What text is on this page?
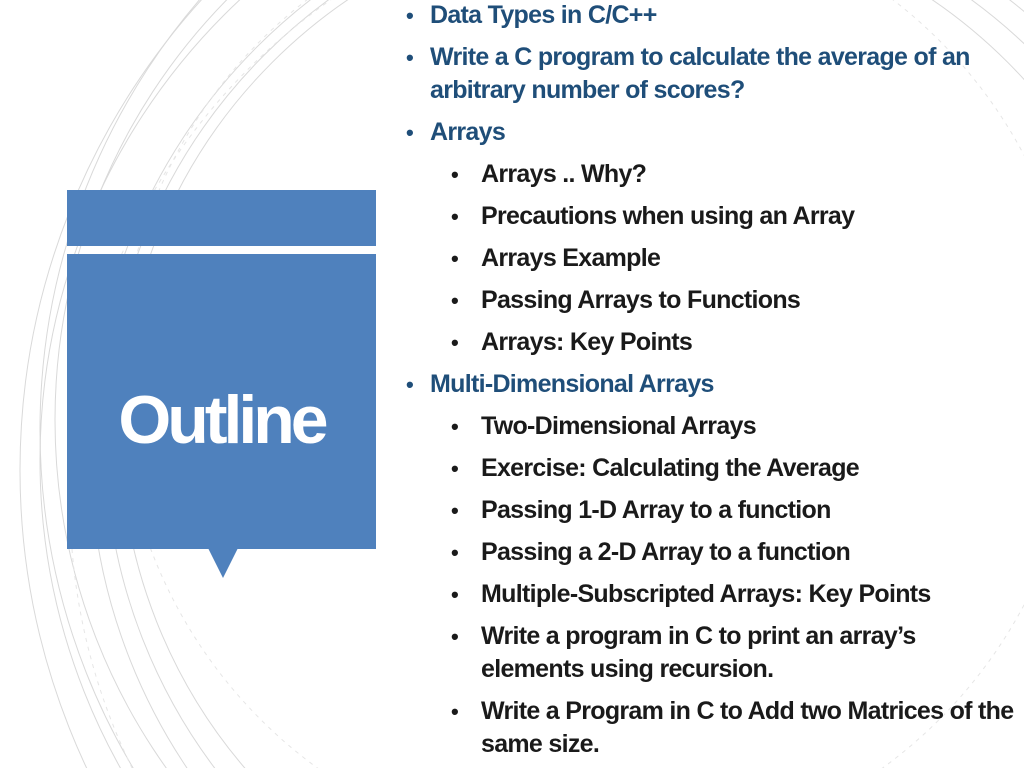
Outline
• Data Types in C/C++
• Write a C program to calculate the average of an arbitrary number of scores?
• Arrays
• Arrays .. Why?
• Precautions when using an Array
• Arrays Example
• Passing Arrays to Functions
• Arrays: Key Points
• Multi-Dimensional Arrays
• Two-Dimensional Arrays
• Exercise: Calculating the Average
• Passing 1-D Array to a function
• Passing a 2-D Array to a function
• Multiple-Subscripted Arrays: Key Points
• Write a program in C to print an array’s elements using recursion.
• Write a Program in C to Add two Matrices of the same size.
